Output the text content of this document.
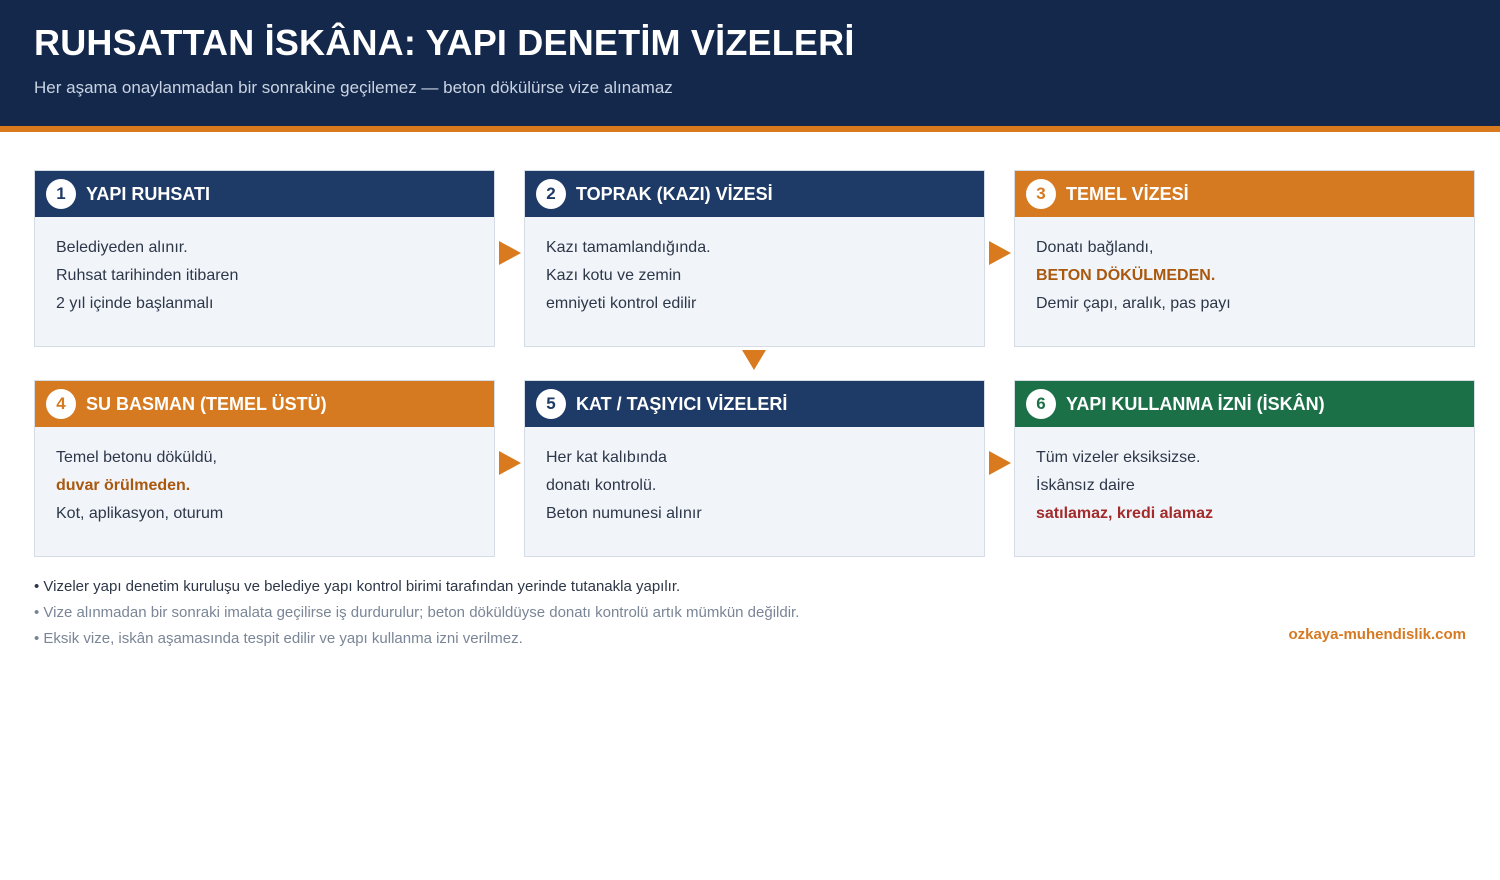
RUHSATTAN İSKÂNA: YAPI DENETİM VİZELERİ
Her aşama onaylanmadan bir sonrakine geçilemez — beton dökülürse vize alınamaz
1	YAPI RUHSATI
Belediyeden alınır.
Ruhsat tarihinden itibaren
2 yıl içinde başlanmalı
2	TOPRAK (KAZI) VİZESİ
Kazı tamamlandığında.
Kazı kotu ve zemin
emniyeti kontrol edilir
3	TEMEL VİZESİ
Donatı bağlandı,
BETON DÖKÜLMEDEN.
Demir çapı, aralık, pas payı
4	SU BASMAN (TEMEL ÜSTÜ)
Temel betonu döküldü,
duvar örülmeden.
Kot, aplikasyon, oturum
5	KAT / TAŞIYICI VİZELERİ
Her kat kalıbında
donatı kontrolü.
Beton numunesi alınır
6	YAPI KULLANMA İZNİ (İSKÂN)
Tüm vizeler eksiksizse.
İskânsız daire
satılamaz, kredi alamaz
• Vizeler yapı denetim kuruluşu ve belediye yapı kontrol birimi tarafından yerinde tutanakla yapılır.
• Vize alınmadan bir sonraki imalata geçilirse iş durdurulur; beton döküldüyse donatı kontrolü artık mümkün değildir.
• Eksik vize, iskân aşamasında tespit edilir ve yapı kullanma izni verilmez.	ozkaya-muhendislik.com
